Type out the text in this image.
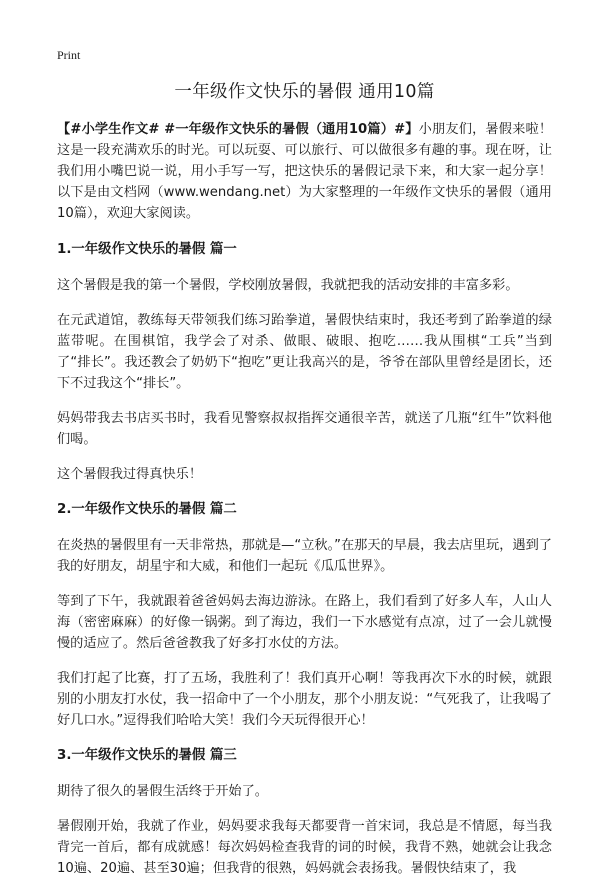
Print
一年级作文快乐的暑假 通用10篇

【#小学生作文# #一年级作文快乐的暑假（通用10篇）#】小朋友们，暑假来啦！这是一段充满欢乐的时光。可以玩耍、可以旅行、可以做很多有趣的事。现在呀，让我们用小嘴巴说一说，用小手写一写，把这快乐的暑假记录下来，和大家一起分享！以下是由文档网（www.wendang.net）为大家整理的一年级作文快乐的暑假（通用10篇），欢迎大家阅读。

1.一年级作文快乐的暑假 篇一

这个暑假是我的第一个暑假，学校刚放暑假，我就把我的活动安排的丰富多彩。

在元武道馆，教练每天带领我们练习跆拳道，暑假快结束时，我还考到了跆拳道的绿蓝带呢。在围棋馆，我学会了对杀、做眼、破眼、抱吃……我从围棋“工兵”当到了“排长”。我还教会了奶奶下“抱吃”更让我高兴的是，爷爷在部队里曾经是团长，还下不过我这个“排长”。

妈妈带我去书店买书时，我看见警察叔叔指挥交通很辛苦，就送了几瓶“红牛”饮料他们喝。

这个暑假我过得真快乐！

2.一年级作文快乐的暑假 篇二

在炎热的暑假里有一天非常热，那就是—“立秋。”在那天的早晨，我去店里玩，遇到了我的好朋友，胡星宇和大威，和他们一起玩《瓜瓜世界》。

等到了下午，我就跟着爸爸妈妈去海边游泳。在路上，我们看到了好多人车，人山人海（密密麻麻）的好像一锅粥。到了海边，我们一下水感觉有点凉，过了一会儿就慢慢的适应了。然后爸爸教我了好多打水仗的方法。

我们打起了比赛，打了五场，我胜利了！我们真开心啊！等我再次下水的时候，就跟别的小朋友打水仗，我一招命中了一个小朋友，那个小朋友说：“气死我了，让我喝了好几口水。”逗得我们哈哈大笑！我们今天玩得很开心！

3.一年级作文快乐的暑假 篇三

期待了很久的暑假生活终于开始了。

暑假刚开始，我就了作业，妈妈要求我每天都要背一首宋词，我总是不情愿，每当我背完一首后，都有成就感！每次妈妈检查我背的词的时候，我背不熟，她就会让我念10遍、20遍、甚至30遍；但我背的很熟，妈妈就会表扬我。暑假快结束了，我
